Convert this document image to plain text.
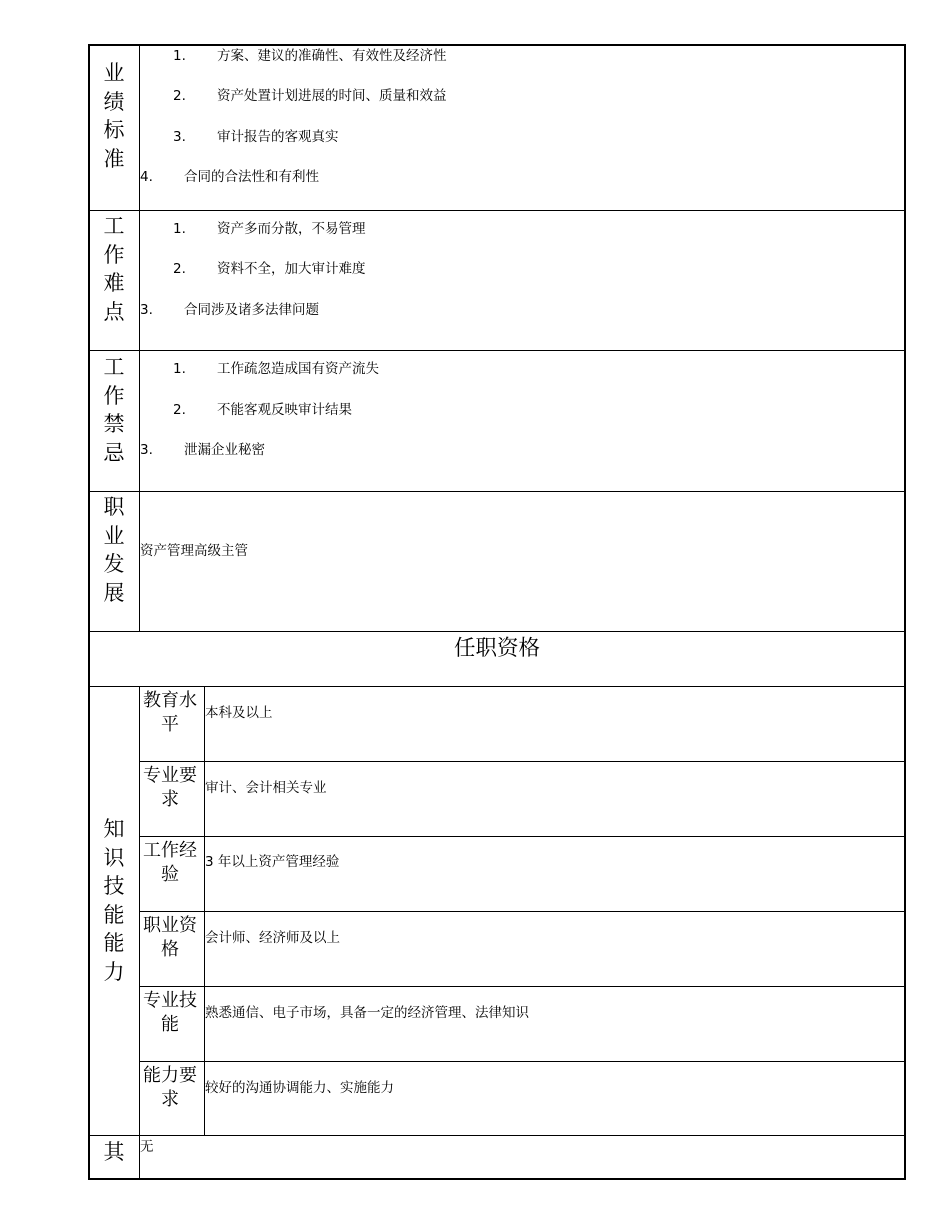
业
绩
标
准
1. 方案、建议的准确性、有效性及经济性
2. 资产处置计划进展的时间、质量和效益
3. 审计报告的客观真实
4. 合同的合法性和有利性
工
作
难
点
1. 资产多而分散，不易管理
2. 资料不全，加大审计难度
3. 合同涉及诸多法律问题
工
作
禁
忌
1. 工作疏忽造成国有资产流失
2. 不能客观反映审计结果
3. 泄漏企业秘密
职
业
发
展
资产管理高级主管
任职资格
知
识
技
能
能
力
教育水平
本科及以上
专业要求
审计、会计相关专业
工作经验
3 年以上资产管理经验
职业资格
会计师、经济师及以上
专业技能
熟悉通信、电子市场，具备一定的经济管理、法律知识
能力要求
较好的沟通协调能力、实施能力
其	无
